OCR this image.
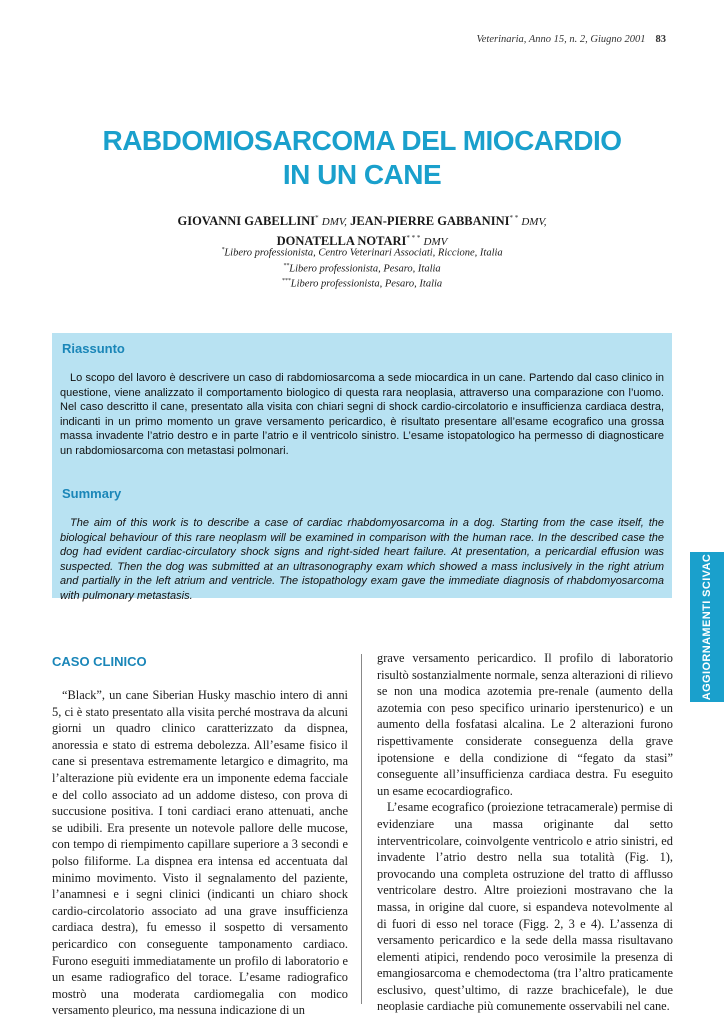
Veterinaria, Anno 15, n. 2, Giugno 2001 83
RABDOMIOSARCOMA DEL MIOCARDIO
IN UN CANE
GIOVANNI GABELLINI* DMV, JEAN-PIERRE GABBANINI* * DMV,
DONATELLA NOTARI* * * DMV
*Libero professionista, Centro Veterinari Associati, Riccione, Italia
**Libero professionista, Pesaro, Italia
***Libero professionista, Pesaro, Italia
Riassunto

Lo scopo del lavoro è descrivere un caso di rabdomiosarcoma a sede miocardica in un cane. Partendo dal caso clinico in questione, viene analizzato il comportamento biologico di questa rara neoplasia, attraverso una comparazione con l’uomo. Nel caso descritto il cane, presentato alla visita con chiari segni di shock cardio-circolatorio e insufficienza cardiaca destra, indicanti in un primo momento un grave versamento pericardico, è risultato presentare all’esame ecografico una grossa massa invadente l’atrio destro e in parte l’atrio e il ventricolo sinistro. L’esame istopatologico ha permesso di diagnosticare un rabdomiosarcoma con metastasi polmonari.

Summary

The aim of this work is to describe a case of cardiac rhabdomyosarcoma in a dog. Starting from the case itself, the biological behaviour of this rare neoplasm will be examined in comparison with the human race. In the described case the dog had evident cardiac-circulatory shock signs and right-sided heart failure. At presentation, a pericardial effusion was suspected. Then the dog was submitted at an ultrasonography exam which showed a mass inclusively in the right atrium and partially in the left atrium and ventricle. The istopathology exam gave the immediate diagnosis of rhabdomyosarcoma with pulmonary metastasis.	AGGIORNAMENTI SCIVAC
CASO CLINICO

“Black”, un cane Siberian Husky maschio intero di anni 5, ci è stato presentato alla visita perché mostrava da alcuni giorni un quadro clinico caratterizzato da dispnea, anoressia e stato di estrema debolezza. All’esame fisico il cane si presentava estremamente letargico e dimagrito, ma l’alterazione più evidente era un imponente edema facciale e del collo associato ad un addome disteso, con prova di succusione positiva. I toni cardiaci erano attenuati, anche se udibili. Era presente un notevole pallore delle mucose, con tempo di riempimento capillare superiore a 3 secondi e polso filiforme. La dispnea era intensa ed accentuata dal minimo movimento. Visto il segnalamento del paziente, l’anamnesi e i segni clinici (indicanti un chiaro shock cardio-circolatorio associato ad una grave insufficienza cardiaca destra), fu emesso il sospetto di versamento pericardico con conseguente tamponamento cardiaco. Furono eseguiti immediatamente un profilo di laboratorio e un esame radiografico del torace. L’esame radiografico mostrò una moderata cardiomegalia con modico versamento pleurico, ma nessuna indicazione di un

grave versamento pericardico. Il profilo di laboratorio risultò sostanzialmente normale, senza alterazioni di rilievo se non una modica azotemia pre-renale (aumento della azotemia con peso specifico urinario iperstenurico) e un aumento della fosfatasi alcalina. Le 2 alterazioni furono rispettivamente considerate conseguenza della grave ipotensione e della condizione di “fegato da stasi” conseguente all’insufficienza cardiaca destra. Fu eseguito un esame ecocardiografico.

L’esame ecografico (proiezione tetracamerale) permise di evidenziare una massa originante dal setto interventricolare, coinvolgente ventricolo e atrio sinistri, ed invadente l’atrio destro nella sua totalità (Fig. 1), provocando una completa ostruzione del tratto di afflusso ventricolare destro. Altre proiezioni mostravano che la massa, in origine dal cuore, si espandeva notevolmente al di fuori di esso nel torace (Figg. 2, 3 e 4). L’assenza di versamento pericardico e la sede della massa risultavano elementi atipici, rendendo poco verosimile la presenza di emangiosarcoma e chemodectoma (tra l’altro praticamente esclusivo, quest’ultimo, di razze brachicefale), le due neoplasie cardiache più comunemente osservabili nel cane.
